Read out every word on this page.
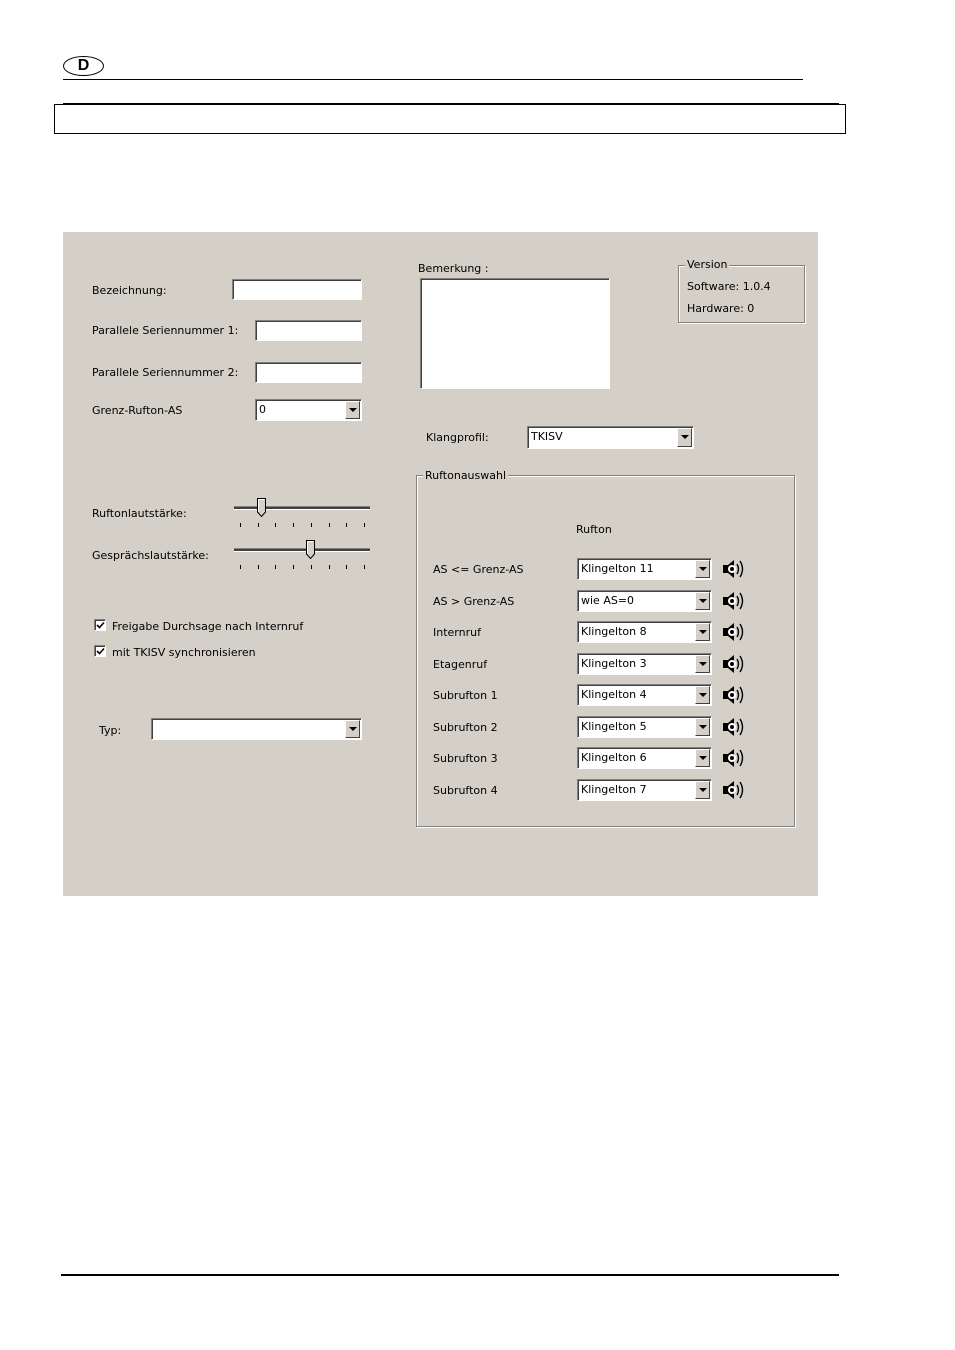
D
Bezeichnung:
Parallele Seriennummer 1:
Parallele Seriennummer 2:
Grenz-Rufton-AS	0
Ruftonlautstärke:
Gesprächslautstärke:
Freigabe Durchsage nach Internruf
mit TKISV synchronisieren
Typ:
Bemerkung :
Klangprofil:	TKISV
Version
Software: 1.0.4
Hardware: 0
Ruftonauswahl
Rufton
AS <= Grenz-AS	Klingelton 11
AS > Grenz-AS	wie AS=0
Internruf	Klingelton 8
Etagenruf	Klingelton 3
Subrufton 1	Klingelton 4
Subrufton 2	Klingelton 5
Subrufton 3	Klingelton 6
Subrufton 4	Klingelton 7
